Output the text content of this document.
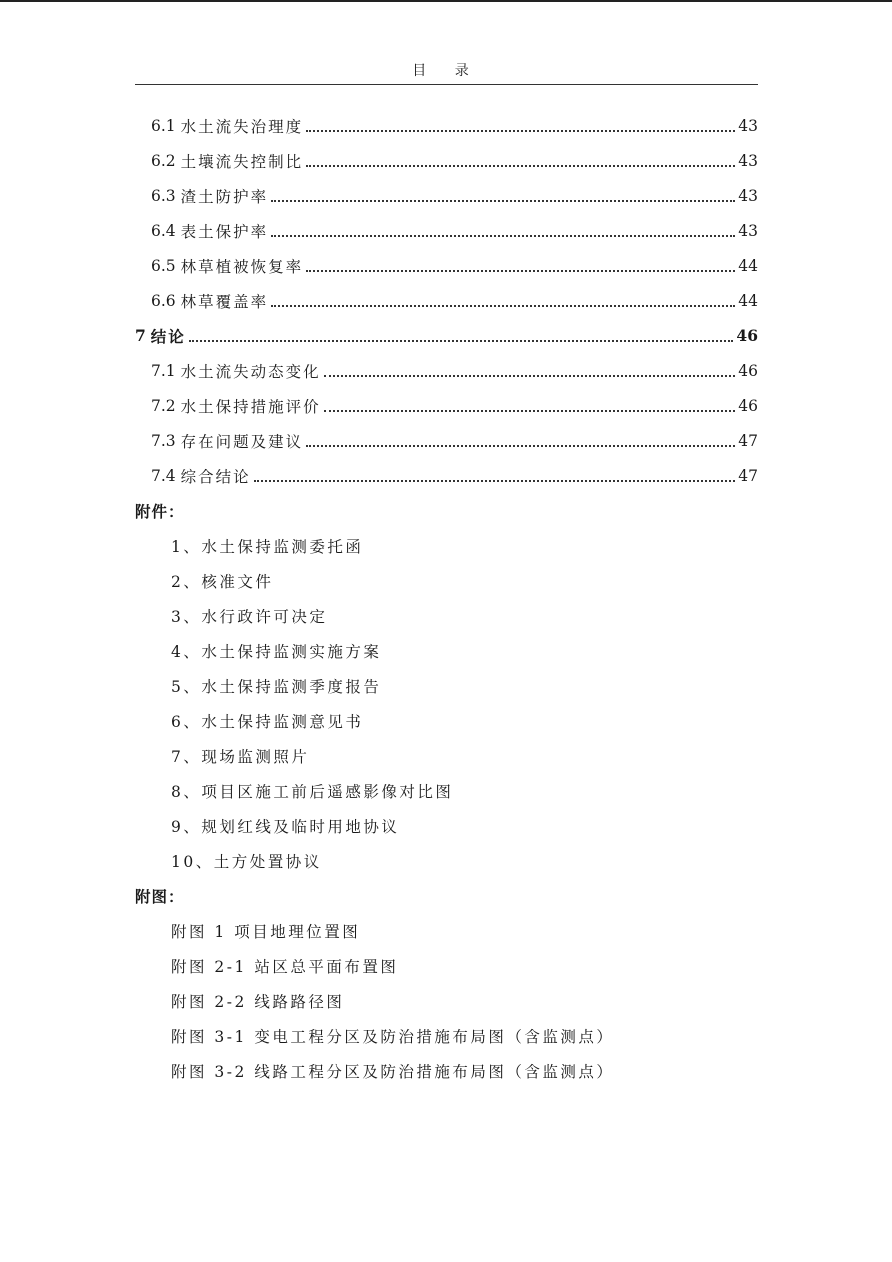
目 录
6.1 水土流失治理度	43
6.2 土壤流失控制比	43
6.3 渣土防护率	43
6.4 表土保护率	43
6.5 林草植被恢复率	44
6.6 林草覆盖率	44
7 结论	46
7.1 水土流失动态变化	46
7.2 水土保持措施评价	46
7.3 存在问题及建议	47
7.4 综合结论	47
附件：
1、水土保持监测委托函
2、核准文件
3、水行政许可决定
4、水土保持监测实施方案
5、水土保持监测季度报告
6、水土保持监测意见书
7、现场监测照片
8、项目区施工前后遥感影像对比图
9、规划红线及临时用地协议
10、土方处置协议
附图：
附图 1 项目地理位置图
附图 2-1 站区总平面布置图
附图 2-2 线路路径图
附图 3-1 变电工程分区及防治措施布局图（含监测点）
附图 3-2 线路工程分区及防治措施布局图（含监测点）
